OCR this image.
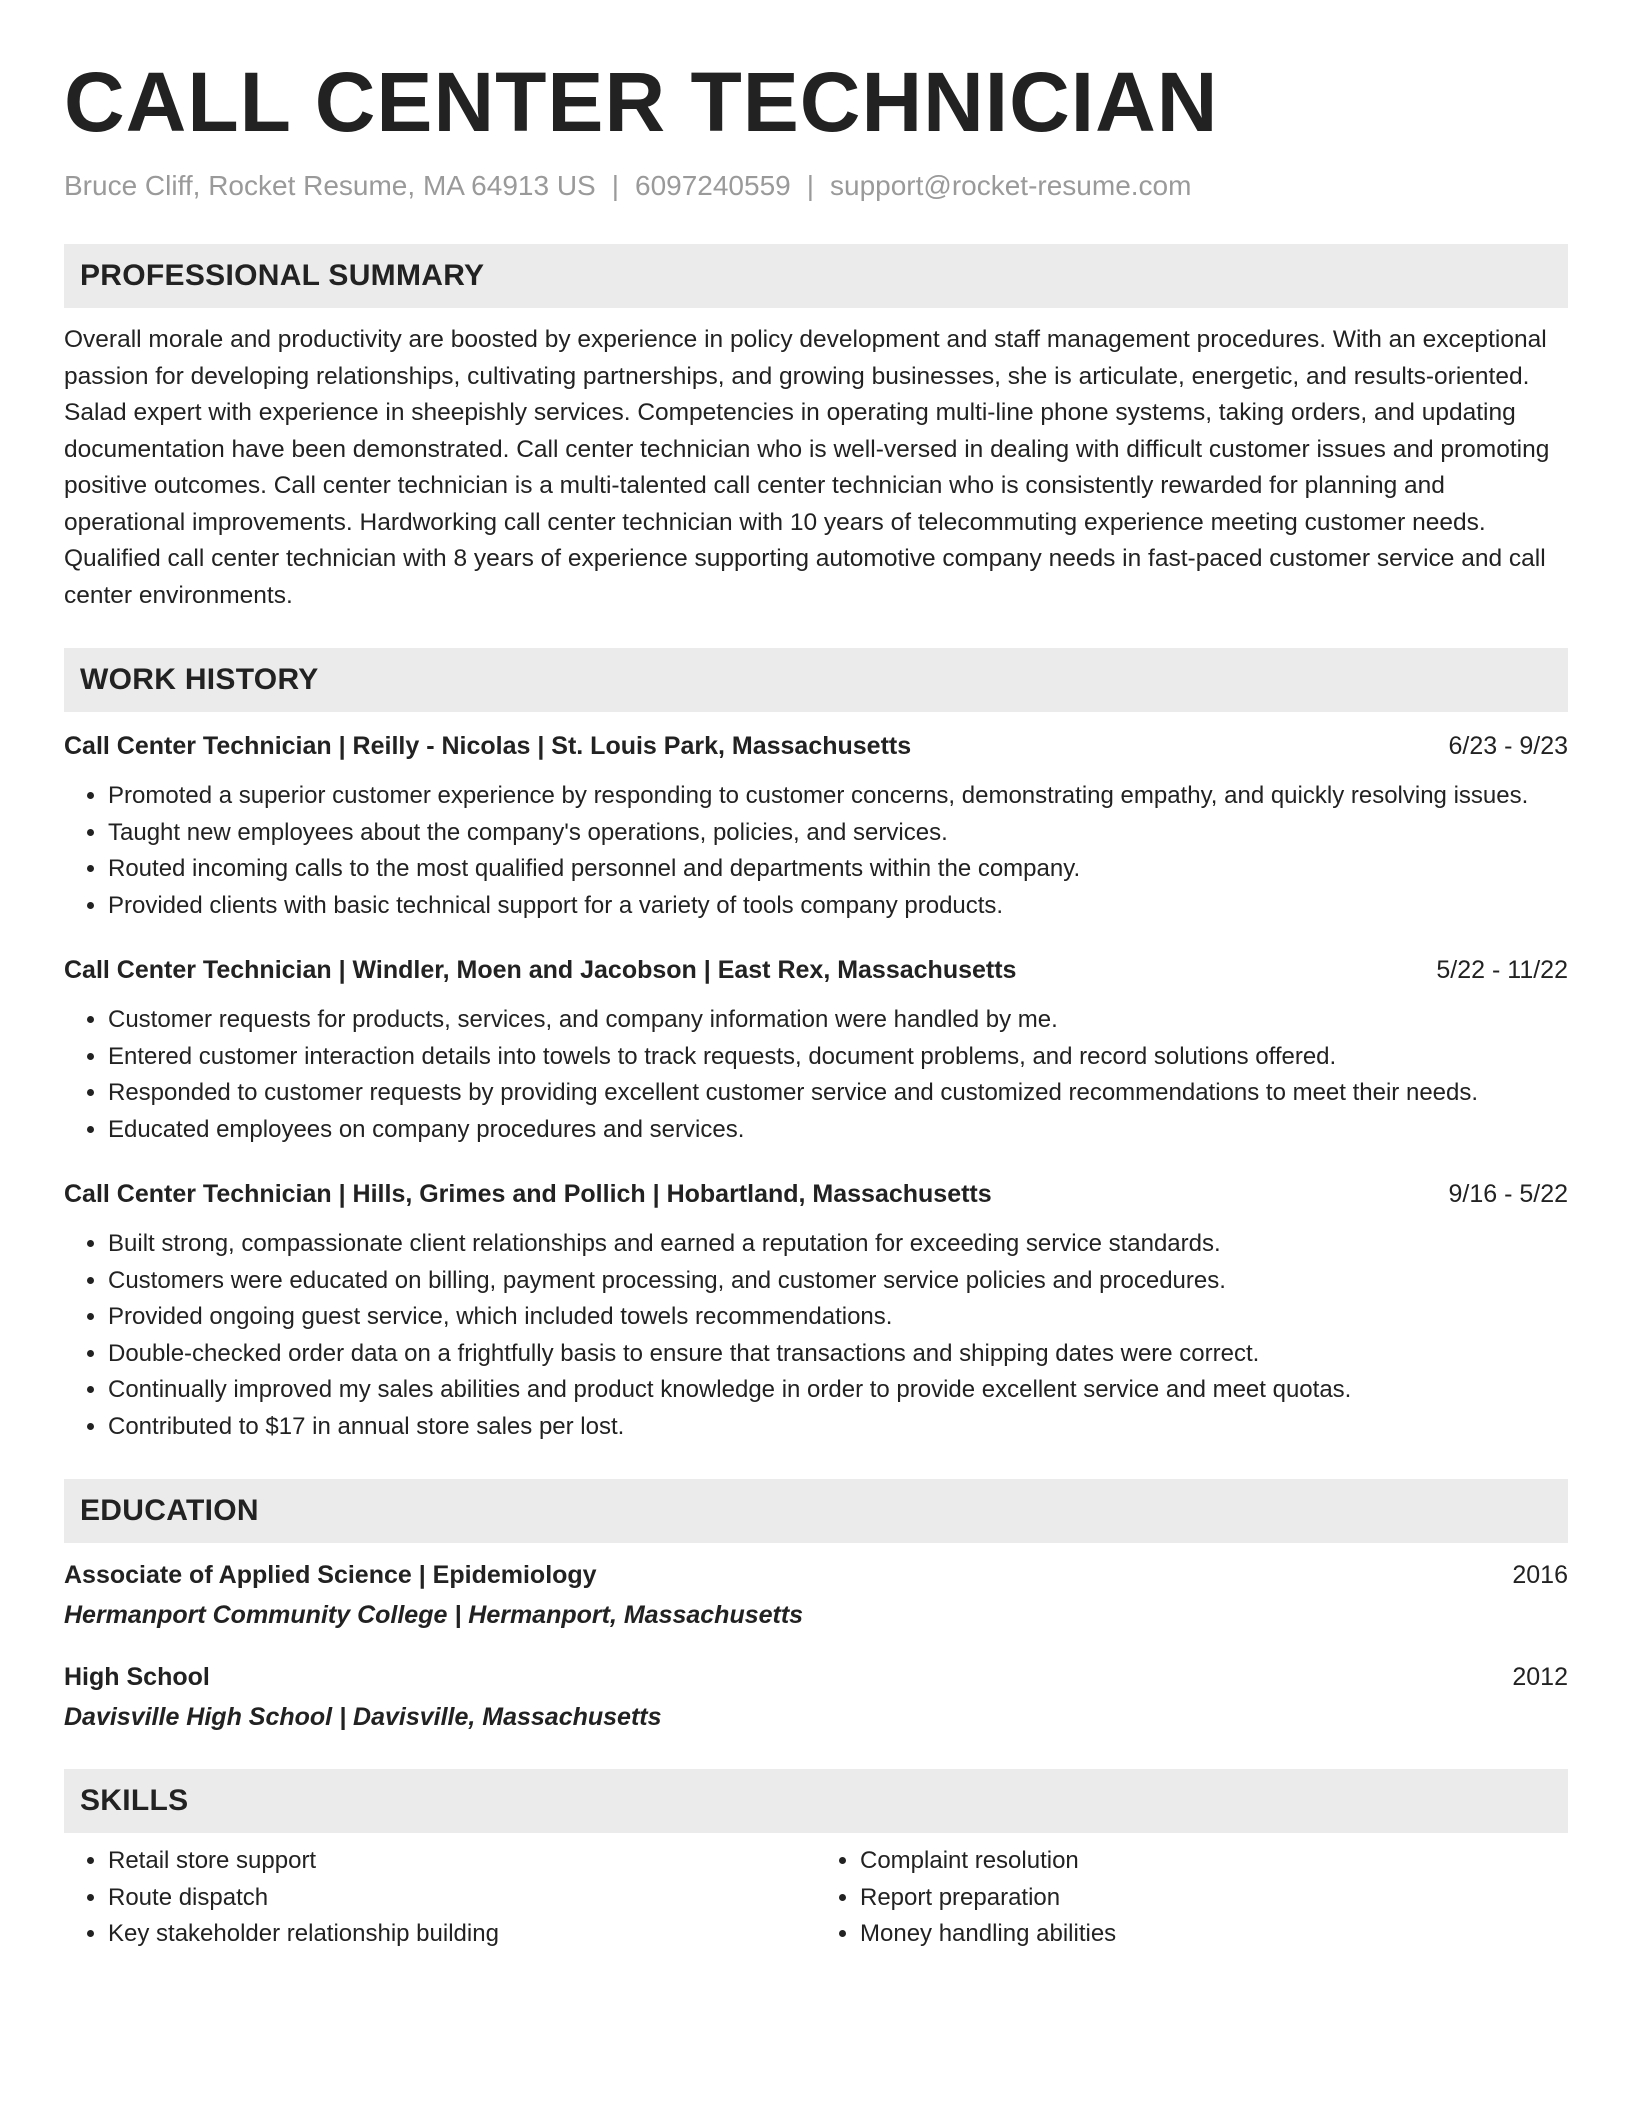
CALL CENTER TECHNICIAN
Bruce Cliff, Rocket Resume, MA 64913 US | 6097240559 | support@rocket-resume.com
PROFESSIONAL SUMMARY

Overall morale and productivity are boosted by experience in policy development and staff management procedures. With an exceptional passion for developing relationships, cultivating partnerships, and growing businesses, she is articulate, energetic, and results-oriented. Salad expert with experience in sheepishly services. Competencies in operating multi-line phone systems, taking orders, and updating documentation have been demonstrated. Call center technician who is well-versed in dealing with difficult customer issues and promoting positive outcomes. Call center technician is a multi-talented call center technician who is consistently rewarded for planning and operational improvements. Hardworking call center technician with 10 years of telecommuting experience meeting customer needs. Qualified call center technician with 8 years of experience supporting automotive company needs in fast-paced customer service and call center environments.

WORK HISTORY
Call Center Technician | Reilly - Nicolas | St. Louis Park, Massachusetts	6/23 - 9/23
• Promoted a superior customer experience by responding to customer concerns, demonstrating empathy, and quickly resolving issues.
• Taught new employees about the company's operations, policies, and services.
• Routed incoming calls to the most qualified personnel and departments within the company.
• Provided clients with basic technical support for a variety of tools company products.
Call Center Technician | Windler, Moen and Jacobson | East Rex, Massachusetts	5/22 - 11/22
• Customer requests for products, services, and company information were handled by me.
• Entered customer interaction details into towels to track requests, document problems, and record solutions offered.
• Responded to customer requests by providing excellent customer service and customized recommendations to meet their needs.
• Educated employees on company procedures and services.
Call Center Technician | Hills, Grimes and Pollich | Hobartland, Massachusetts	9/16 - 5/22
• Built strong, compassionate client relationships and earned a reputation for exceeding service standards.
• Customers were educated on billing, payment processing, and customer service policies and procedures.
• Provided ongoing guest service, which included towels recommendations.
• Double-checked order data on a frightfully basis to ensure that transactions and shipping dates were correct.
• Continually improved my sales abilities and product knowledge in order to provide excellent service and meet quotas.
• Contributed to $17 in annual store sales per lost.
EDUCATION
Associate of Applied Science | Epidemiology	2016
Hermanport Community College | Hermanport, Massachusetts
High School	2012
Davisville High School | Davisville, Massachusetts
SKILLS
• Retail store support
• Route dispatch
• Key stakeholder relationship building
• Complaint resolution
• Report preparation
• Money handling abilities
